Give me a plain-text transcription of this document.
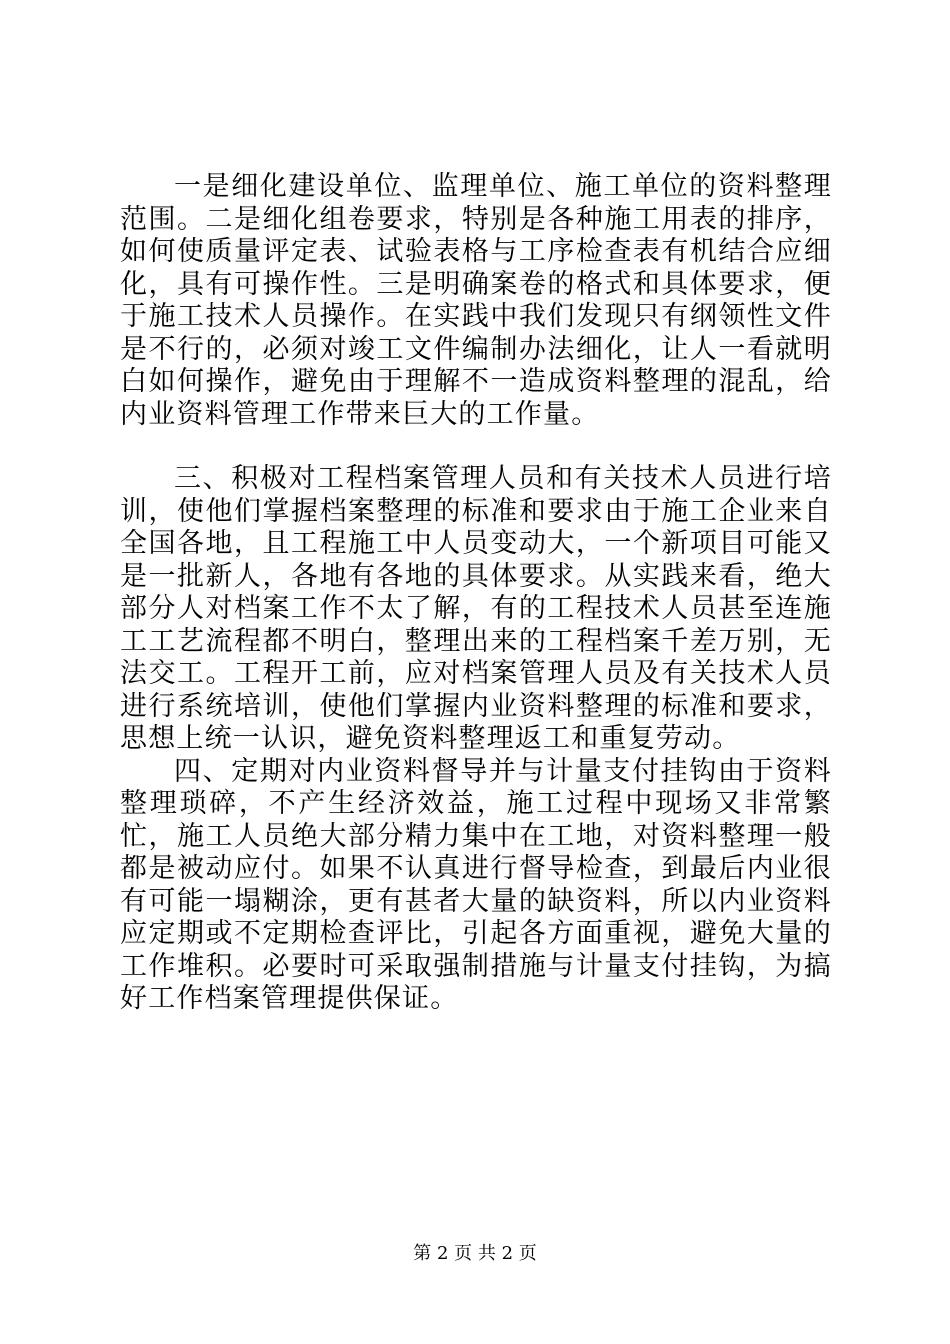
一是细化建设单位、监理单位、施工单位的资料整理范围。二是细化组卷要求，特别是各种施工用表的排序，如何使质量评定表、试验表格与工序检查表有机结合应细化，具有可操作性。三是明确案卷的格式和具体要求，便于施工技术人员操作。在实践中我们发现只有纲领性文件是不行的，必须对竣工文件编制办法细化，让人一看就明白如何操作，避免由于理解不一造成资料整理的混乱，给内业资料管理工作带来巨大的工作量。

三、积极对工程档案管理人员和有关技术人员进行培训，使他们掌握档案整理的标准和要求由于施工企业来自全国各地，且工程施工中人员变动大，一个新项目可能又是一批新人，各地有各地的具体要求。从实践来看，绝大部分人对档案工作不太了解，有的工程技术人员甚至连施工工艺流程都不明白，整理出来的工程档案千差万别，无法交工。工程开工前，应对档案管理人员及有关技术人员进行系统培训，使他们掌握内业资料整理的标准和要求，思想上统一认识，避免资料整理返工和重复劳动。

四、定期对内业资料督导并与计量支付挂钩由于资料整理琐碎，不产生经济效益，施工过程中现场又非常繁忙，施工人员绝大部分精力集中在工地，对资料整理一般都是被动应付。如果不认真进行督导检查，到最后内业很有可能一塌糊涂，更有甚者大量的缺资料，所以内业资料应定期或不定期检查评比，引起各方面重视，避免大量的工作堆积。必要时可采取强制措施与计量支付挂钩，为搞好工作档案管理提供保证。

第 2 页 共 2 页
